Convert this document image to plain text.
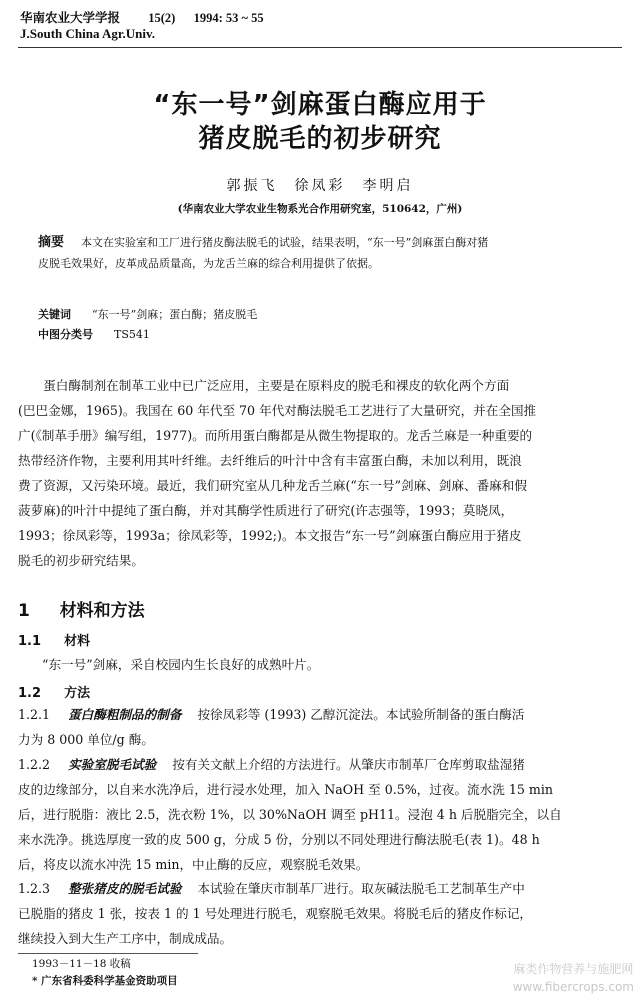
华南农业大学学报 15(2) 1994: 53 ~ 55
J.South China Agr.Univ.
“东一号”剑麻蛋白酶应用于
猪皮脱毛的初步研究
郭振飞　徐凤彩　李明启
(华南农业大学农业生物系光合作用研究室，510642，广州)
摘要 本文在实验室和工厂进行猪皮酶法脱毛的试验，结果表明，“东一号”剑麻蛋白酶对猪
皮脱毛效果好，皮革成品质量高，为龙舌兰麻的综合利用提供了依据。
关键词 “东一号”剑麻；蛋白酶；猪皮脱毛
中图分类号 TS541
　　蛋白酶制剂在制革工业中已广泛应用，主要是在原料皮的脱毛和裸皮的软化两个方面
(巴巴金娜，1965)。我国在 60 年代至 70 年代对酶法脱毛工艺进行了大量研究，并在全国推
广(《制革手册》编写组，1977)。而所用蛋白酶都是从微生物提取的。龙舌兰麻是一种重要的
热带经济作物，主要利用其叶纤维。去纤维后的叶汁中含有丰富蛋白酶，未加以利用，既浪
费了资源，又污染环境。最近，我们研究室从几种龙舌兰麻(“东一号”剑麻、剑麻、番麻和假
菠萝麻)的叶汁中提纯了蛋白酶，并对其酶学性质进行了研究(许志强等，1993；莫晓凤，
1993；徐凤彩等，1993a；徐凤彩等，1992;)。本文报告“东一号”剑麻蛋白酶应用于猪皮
脱毛的初步研究结果。
1 材料和方法
1.1 材料
“东一号”剑麻，采自校园内生长良好的成熟叶片。
1.2 方法
1.2.1 蛋白酶粗制品的制备 按徐凤彩等 (1993) 乙醇沉淀法。本试验所制备的蛋白酶活
力为 8 000 单位/g 酶。
1.2.2 实验室脱毛试验 按有关文献上介绍的方法进行。从肇庆市制革厂仓库剪取盐湿猪
皮的边缘部分，以自来水洗净后，进行浸水处理，加入 NaOH 至 0.5%，过夜。流水洗 15 min
后，进行脱脂：液比 2.5，洗衣粉 1%，以 30%NaOH 调至 pH11。浸泡 4 h 后脱脂完全，以自
来水洗净。挑选厚度一致的皮 500 g，分成 5 份，分别以不同处理进行酶法脱毛(表 1)。48 h
后，将皮以流水冲洗 15 min，中止酶的反应，观察脱毛效果。
1.2.3 整张猪皮的脱毛试验 本试验在肇庆市制革厂进行。取灰碱法脱毛工艺制革生产中
已脱脂的猪皮 1 张，按表 1 的 1 号处理进行脱毛，观察脱毛效果。将脱毛后的猪皮作标记，
继续投入到大生产工序中，制成成品。
1993－11－18 收稿
* 广东省科委科学基金资助项目
麻类作物营养与施肥网
www.fibercrops.com
